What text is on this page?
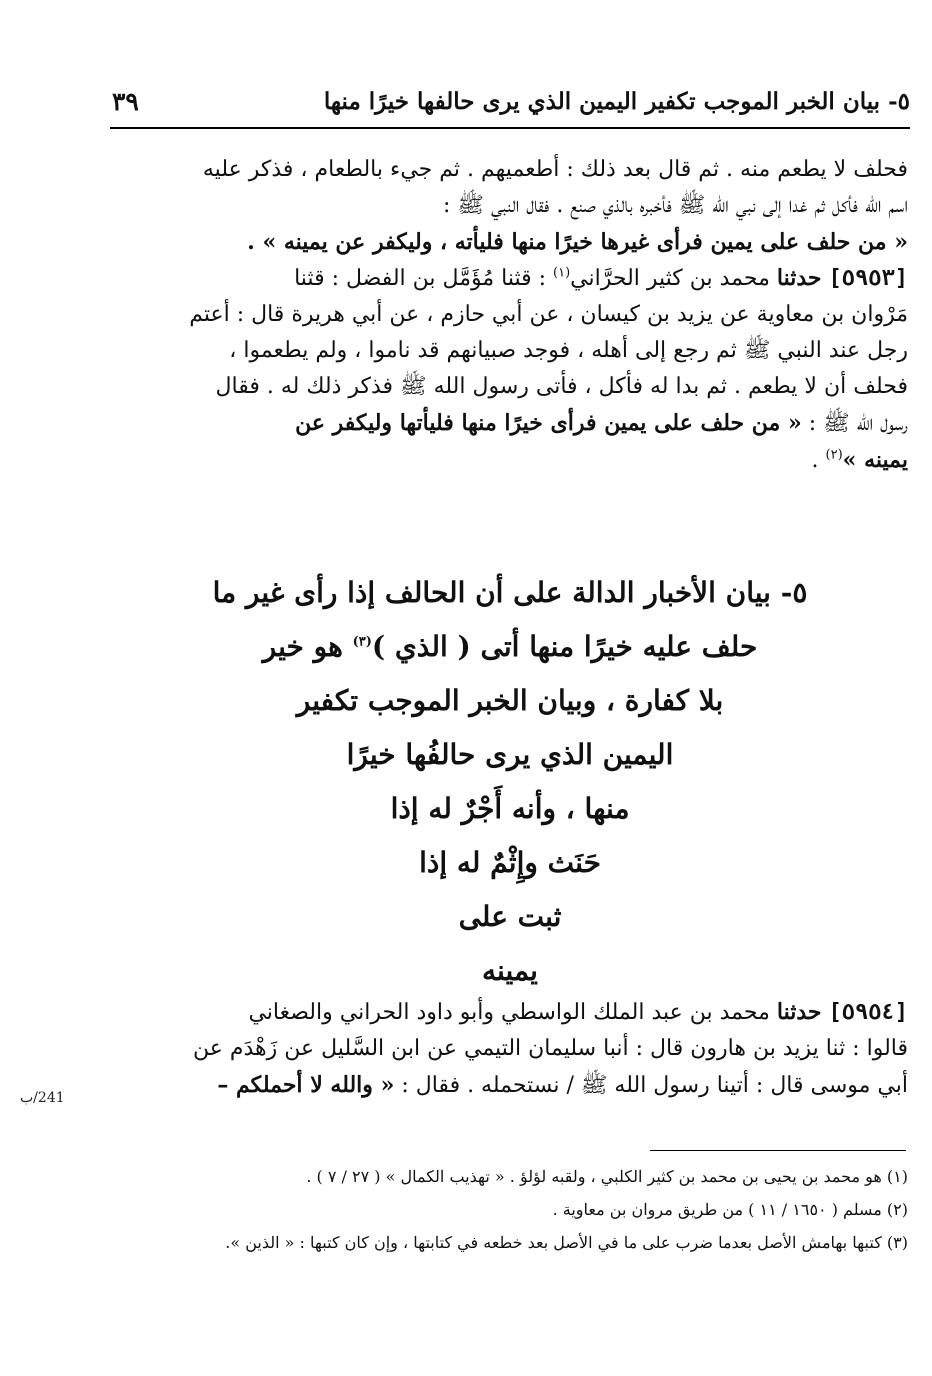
٥- بيان الخبر الموجب تكفير اليمين الذي يرى حالفها خيرًا منها
٣٩

فحلف لا يطعم منه . ثم قال بعد ذلك : أطعميهم . ثم جيء بالطعام ، فذكر عليه

اسم الله فأكل ثم غدا إلى نبي الله ﷺ فأخبره بالذي صنع . فقال النبي ﷺ :

« من حلف على يمين فرأى غيرها خيرًا منها فليأته ، وليكفر عن يمينه » .

[٥٩٥٣] حدثنا محمد بن كثير الحرَّاني$^{(١)}$ : قثنا مُؤَمَّل بن الفضل : قثنا

مَرْوان بن معاوية عن يزيد بن كيسان ، عن أبي حازم ، عن أبي هريرة قال : أعتم

رجل عند النبي ﷺ ثم رجع إلى أهله ، فوجد صبيانهم قد ناموا ، ولم يطعموا ،

فحلف أن لا يطعم . ثم بدا له فأكل ، فأتى رسول الله ﷺ فذكر ذلك له . فقال

رسول الله ﷺ : « من حلف على يمين فرأى خيرًا منها فليأتها وليكفر عن

يمينه »$^{(٢)}$ .

٥- بيان الأخبار الدالة على أن الحالف إذا رأى غير ما
حلف عليه خيرًا منها أتى ( الذي )$^{(٣)}$ هو خير
بلا كفارة ، وبيان الخبر الموجب تكفير
اليمين الذي يرى حالفُها خيرًا
منها ، وأنه أَجْرٌ له إذا
حَنَث وإِثْمٌ له إذا
ثبت على
يمينه

[٥٩٥٤] حدثنا محمد بن عبد الملك الواسطي وأبو داود الحراني والصغاني

قالوا : ثنا يزيد بن هارون قال : أنبا سليمان التيمي عن ابن السَّليل عن زَهْدَم عن

أبي موسى قال : أتينا رسول الله ﷺ / نستحمله . فقال : « والله لا أحملكم –

241/ب
(١) هو محمد بن يحيى بن محمد بن كثير الكلبي ، ولقبه لؤلؤ . « تهذيب الكمال » ( ٢٧ / ٧ ) .
(٢) مسلم ( ١٦٥٠ / ١١ ) من طريق مروان بن معاوية .
(٣) كتبها بهامش الأصل بعدما ضرب على ما في الأصل بعد خطعه في كتابتها ، وإن كان كتبها : « الذين ».
